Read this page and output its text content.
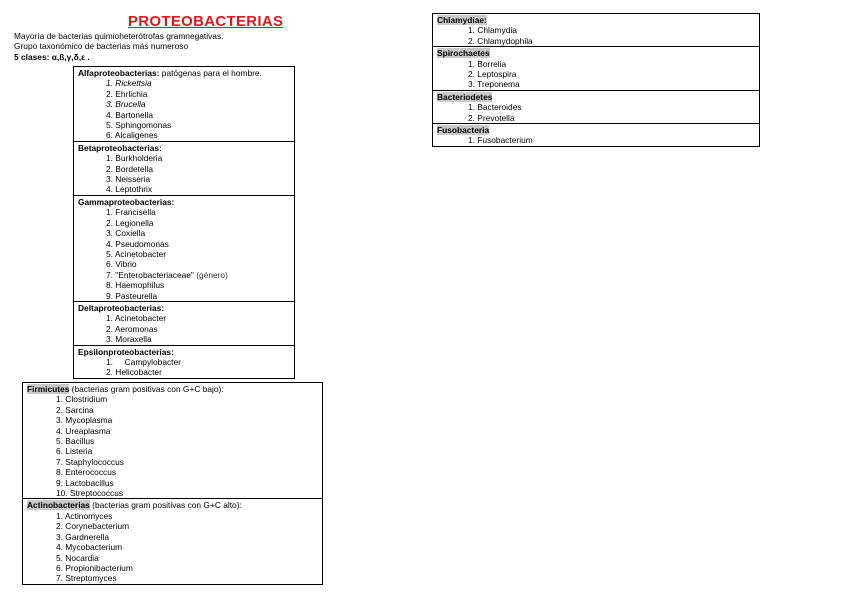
PROTEOBACTERIAS
Mayoría de bacterias quimioheterótrofas gramnegativas.
Grupo taxonómico de bacterias más numeroso
5 clases: α,ß,γ,δ,ε .
Alfaproteobacterias: patógenas para el hombre.
1. Rickettsia
2. Ehrlichia
3. Brucella
4. Bartonella
5. Sphingomonas
6. Alcaligenes
Betaproteobacterias:
1. Burkholderia
2. Bordetella
3. Neisseria
4. Leptothrix
Gammaproteobacterias:
1. Francisella
2. Legionella
3. Coxiella
4. Pseudomonas
5. Acinetobacter
6. Vibrio
7. "Enterobacteriaceae" (género)
8. Haemophilus
9. Pasteurella
Deltaproteobacterias:
1. Acinetobacter
2. Aeromonas
3. Moraxella
Epsilonproteobacterias:
1.     Campylobacter
2. Helicobacter
Firmicutes (bacterias gram positivas con G+C bajo):
1. Clostridium
2. Sarcina
3. Mycoplasma
4. Ureaplasma
5. Bacillus
6. Listeria
7. Staphylococcus
8. Enterococcus
9. Lactobacillus
10. Streptococcus
Actinobacterias (bacterias gram positivas con G+C alto):
1. Actinomyces
2. Corynebacterium
3. Gardnerella
4. Mycobacterium
5. Nocardia
6. Propionibacterium
7. Streptomyces
Chlamydiae:
1. Chlamydia
2. Chlamydophila
Spirochaetes
1. Borrelia
2. Leptospira
3. Treponema
Bacteriodetes
1. Bacteroides
2. Prevotella
Fusobacteria
1. Fusobacterium
